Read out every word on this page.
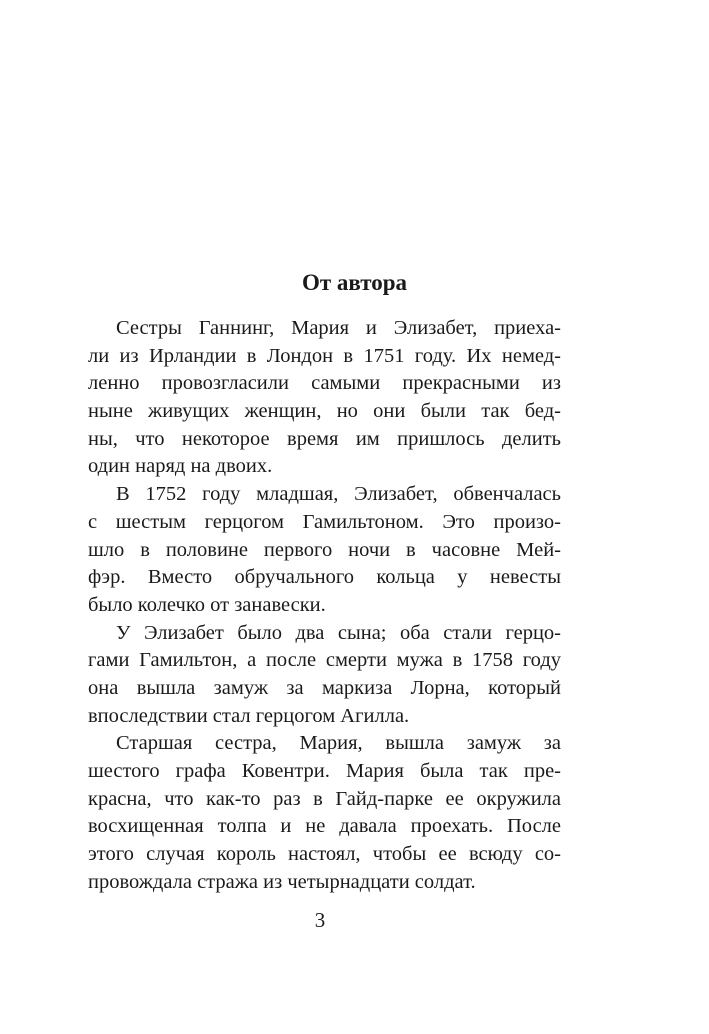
От автора
Сестры Ганнинг, Мария и Элизабет, приеха-
ли из Ирландии в Лондон в 1751 году. Их немед-
ленно провозгласили самыми прекрасными из
ныне живущих женщин, но они были так бед-
ны, что некоторое время им пришлось делить
один наряд на двоих.
В 1752 году младшая, Элизабет, обвенчалась
с шестым герцогом Гамильтоном. Это произо-
шло в половине первого ночи в часовне Мей-
фэр. Вместо обручального кольца у невесты
было колечко от занавески.
У Элизабет было два сына; оба стали герцо-
гами Гамильтон, а после смерти мужа в 1758 году
она вышла замуж за маркиза Лорна, который
впоследствии стал герцогом Агилла.
Старшая сестра, Мария, вышла замуж за
шестого графа Ковентри. Мария была так пре-
красна, что как-то раз в Гайд-парке ее окружила
восхищенная толпа и не давала проехать. После
этого случая король настоял, чтобы ее всюду со-
провождала стража из четырнадцати солдат.
3
